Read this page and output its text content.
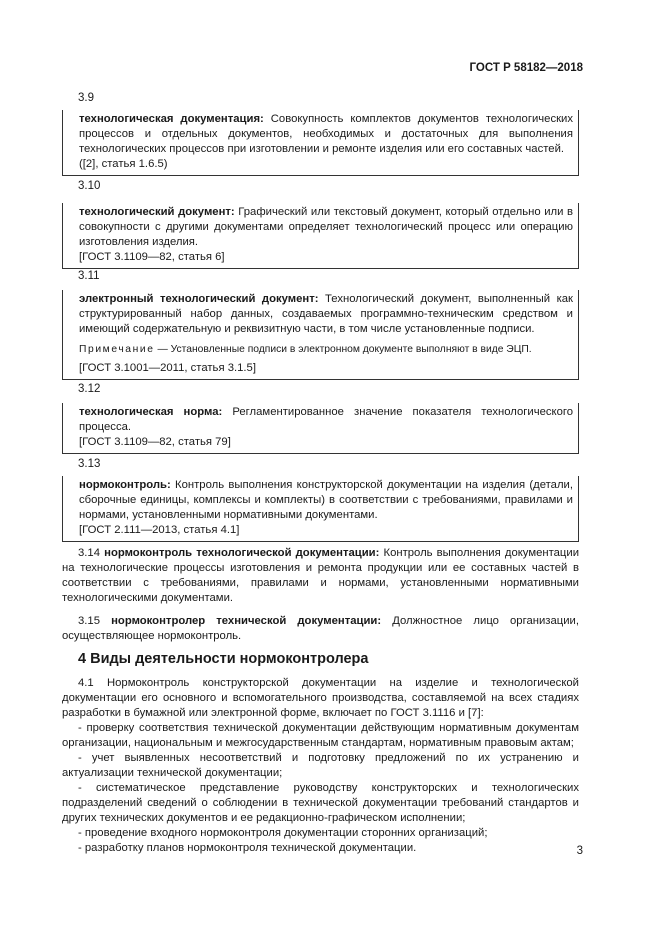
ГОСТ Р 58182—2018
3.9

технологическая документация: Совокупность комплектов документов технологических процессов и отдельных документов, необходимых и достаточных для выполнения технологических процессов при изготовлении и ремонте изделия или его составных частей.

([2], статья 1.6.5)

3.10

технологический документ: Графический или текстовый документ, который отдельно или в совокупности с другими документами определяет технологический процесс или операцию изготовления изделия.

[ГОСТ 3.1109—82, статья 6]

3.11

электронный технологический документ: Технологический документ, выполненный как структурированный набор данных, создаваемых программно-техническим средством и имеющий содержательную и реквизитную части, в том числе установленные подписи.

Примечание — Установленные подписи в электронном документе выполняют в виде ЭЦП.

[ГОСТ 3.1001—2011, статья 3.1.5]

3.12

технологическая норма: Регламентированное значение показателя технологического процесса.

[ГОСТ 3.1109—82, статья 79]

3.13

нормоконтроль: Контроль выполнения конструкторской документации на изделия (детали, сборочные единицы, комплексы и комплекты) в соответствии с требованиями, правилами и нормами, установленными нормативными документами.

[ГОСТ 2.111—2013, статья 4.1]

3.14 нормоконтроль технологической документации: Контроль выполнения документации на технологические процессы изготовления и ремонта продукции или ее составных частей в соответствии с требованиями, правилами и нормами, установленными нормативными технологическими документами.

3.15 нормоконтролер технической документации: Должностное лицо организации, осуществляющее нормоконтроль.

4 Виды деятельности нормоконтролера

4.1 Нормоконтроль конструкторской документации на изделие и технологической документации его основного и вспомогательного производства, составляемой на всех стадиях разработки в бумажной или электронной форме, включает по ГОСТ 3.1116 и [7]:

- проверку соответствия технической документации действующим нормативным документам организации, национальным и межгосударственным стандартам, нормативным правовым актам;

- учет выявленных несоответствий и подготовку предложений по их устранению и актуализации технической документации;

- систематическое представление руководству конструкторских и технологических подразделений сведений о соблюдении в технической документации требований стандартов и других технических документов и ее редакционно-графическом исполнении;

- проведение входного нормоконтроля документации сторонних организаций;

- разработку планов нормоконтроля технической документации.	3
